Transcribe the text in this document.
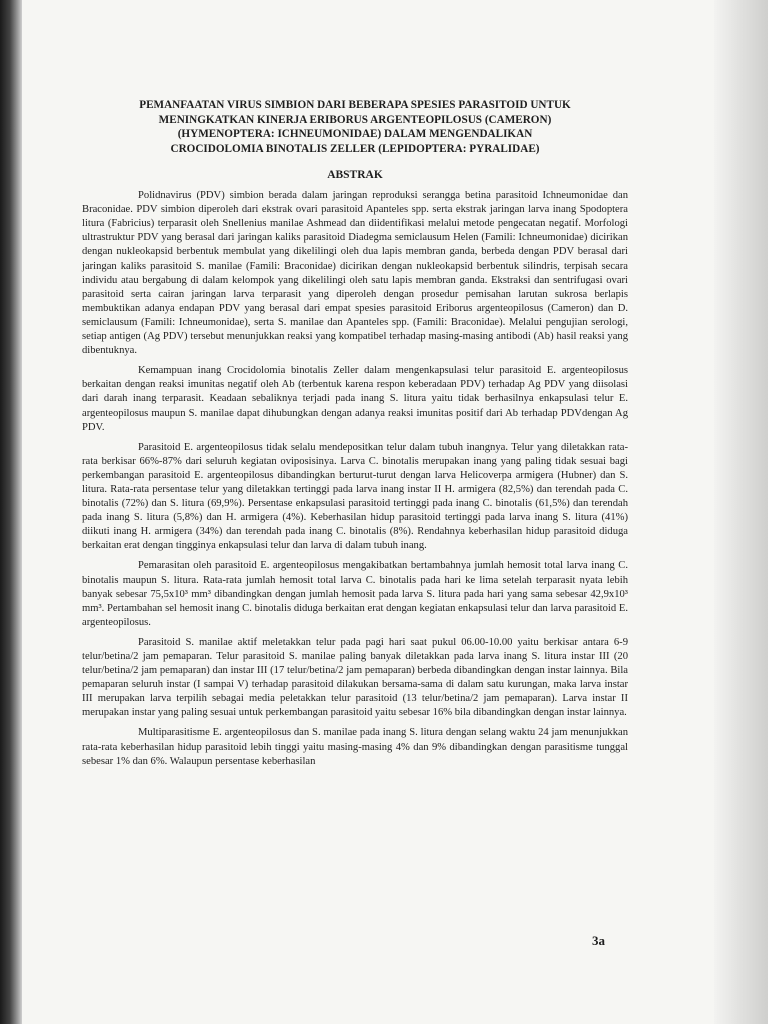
PEMANFAATAN VIRUS SIMBION DARI BEBERAPA SPESIES PARASITOID UNTUK
MENINGKATKAN KINERJA ERIBORUS ARGENTEOPILOSUS (CAMERON)
(HYMENOPTERA: ICHNEUMONIDAE) DALAM MENGENDALIKAN
CROCIDOLOMIA BINOTALIS ZELLER (LEPIDOPTERA: PYRALIDAE)
ABSTRAK

Polidnavirus (PDV) simbion berada dalam jaringan reproduksi serangga betina parasitoid Ichneumonidae dan Braconidae. PDV simbion diperoleh dari ekstrak ovari parasitoid Apanteles spp. serta ekstrak jaringan larva inang Spodoptera litura (Fabricius) terparasit oleh Snellenius manilae Ashmead dan diidentifikasi melalui metode pengecatan negatif. Morfologi ultrastruktur PDV yang berasal dari jaringan kaliks parasitoid Diadegma semiclausum Helen (Famili: Ichneumonidae) dicirikan dengan nukleokapsid berbentuk membulat yang dikelilingi oleh dua lapis membran ganda, berbeda dengan PDV berasal dari jaringan kaliks parasitoid S. manilae (Famili: Braconidae) dicirikan dengan nukleokapsid berbentuk silindris, terpisah secara individu atau bergabung di dalam kelompok yang dikelilingi oleh satu lapis membran ganda. Ekstraksi dan sentrifugasi ovari parasitoid serta cairan jaringan larva terparasit yang diperoleh dengan prosedur pemisahan larutan sukrosa berlapis membuktikan adanya endapan PDV yang berasal dari empat spesies parasitoid Eriborus argenteopilosus (Cameron) dan D. semiclausum (Famili: Ichneumonidae), serta S. manilae dan Apanteles spp. (Famili: Braconidae). Melalui pengujian serologi, setiap antigen (Ag PDV) tersebut menunjukkan reaksi yang kompatibel terhadap masing-masing antibodi (Ab) hasil reaksi yang dibentuknya.

Kemampuan inang Crocidolomia binotalis Zeller dalam mengenkapsulasi telur parasitoid E. argenteopilosus berkaitan dengan reaksi imunitas negatif oleh Ab (terbentuk karena respon keberadaan PDV) terhadap Ag PDV yang diisolasi dari darah inang terparasit. Keadaan sebaliknya terjadi pada inang S. litura yaitu tidak berhasilnya enkapsulasi telur E. argenteopilosus maupun S. manilae dapat dihubungkan dengan adanya reaksi imunitas positif dari Ab terhadap PDVdengan Ag PDV.

Parasitoid E. argenteopilosus tidak selalu mendepositkan telur dalam tubuh inangnya. Telur yang diletakkan rata-rata berkisar 66%-87% dari seluruh kegiatan oviposisinya. Larva C. binotalis merupakan inang yang paling tidak sesuai bagi perkembangan parasitoid E. argenteopilosus dibandingkan berturut-turut dengan larva Helicoverpa armigera (Hubner) dan S. litura. Rata-rata persentase telur yang diletakkan tertinggi pada larva inang instar II H. armigera (82,5%) dan terendah pada C. binotalis (72%) dan S. litura (69,9%). Persentase enkapsulasi parasitoid tertinggi pada inang C. binotalis (61,5%) dan terendah pada inang S. litura (5,8%) dan H. armigera (4%). Keberhasilan hidup parasitoid tertinggi pada larva inang S. litura (41%) diikuti inang H. armigera (34%) dan terendah pada inang C. binotalis (8%). Rendahnya keberhasilan hidup parasitoid diduga berkaitan erat dengan tingginya enkapsulasi telur dan larva di dalam tubuh inang.

Pemarasitan oleh parasitoid E. argenteopilosus mengakibatkan bertambahnya jumlah hemosit total larva inang C. binotalis maupun S. litura. Rata-rata jumlah hemosit total larva C. binotalis pada hari ke lima setelah terparasit nyata lebih banyak sebesar 75,5x10³ mm³ dibandingkan dengan jumlah hemosit pada larva S. litura pada hari yang sama sebesar 42,9x10³ mm³. Pertambahan sel hemosit inang C. binotalis diduga berkaitan erat dengan kegiatan enkapsulasi telur dan larva parasitoid E. argenteopilosus.

Parasitoid S. manilae aktif meletakkan telur pada pagi hari saat pukul 06.00-10.00 yaitu berkisar antara 6-9 telur/betina/2 jam pemaparan. Telur parasitoid S. manilae paling banyak diletakkan pada larva inang S. litura instar III (20 telur/betina/2 jam pemaparan) dan instar III (17 telur/betina/2 jam pemaparan) berbeda dibandingkan dengan instar lainnya. Bila pemaparan seluruh instar (I sampai V) terhadap parasitoid dilakukan bersama-sama di dalam satu kurungan, maka larva instar III merupakan larva terpilih sebagai media peletakkan telur parasitoid (13 telur/betina/2 jam pemaparan). Larva instar II merupakan instar yang paling sesuai untuk perkembangan parasitoid yaitu sebesar 16% bila dibandingkan dengan instar lainnya.

Multiparasitisme E. argenteopilosus dan S. manilae pada inang S. litura dengan selang waktu 24 jam menunjukkan rata-rata keberhasilan hidup parasitoid lebih tinggi yaitu masing-masing 4% dan 9% dibandingkan dengan parasitisme tunggal sebesar 1% dan 6%. Walaupun persentase keberhasilan

3a
